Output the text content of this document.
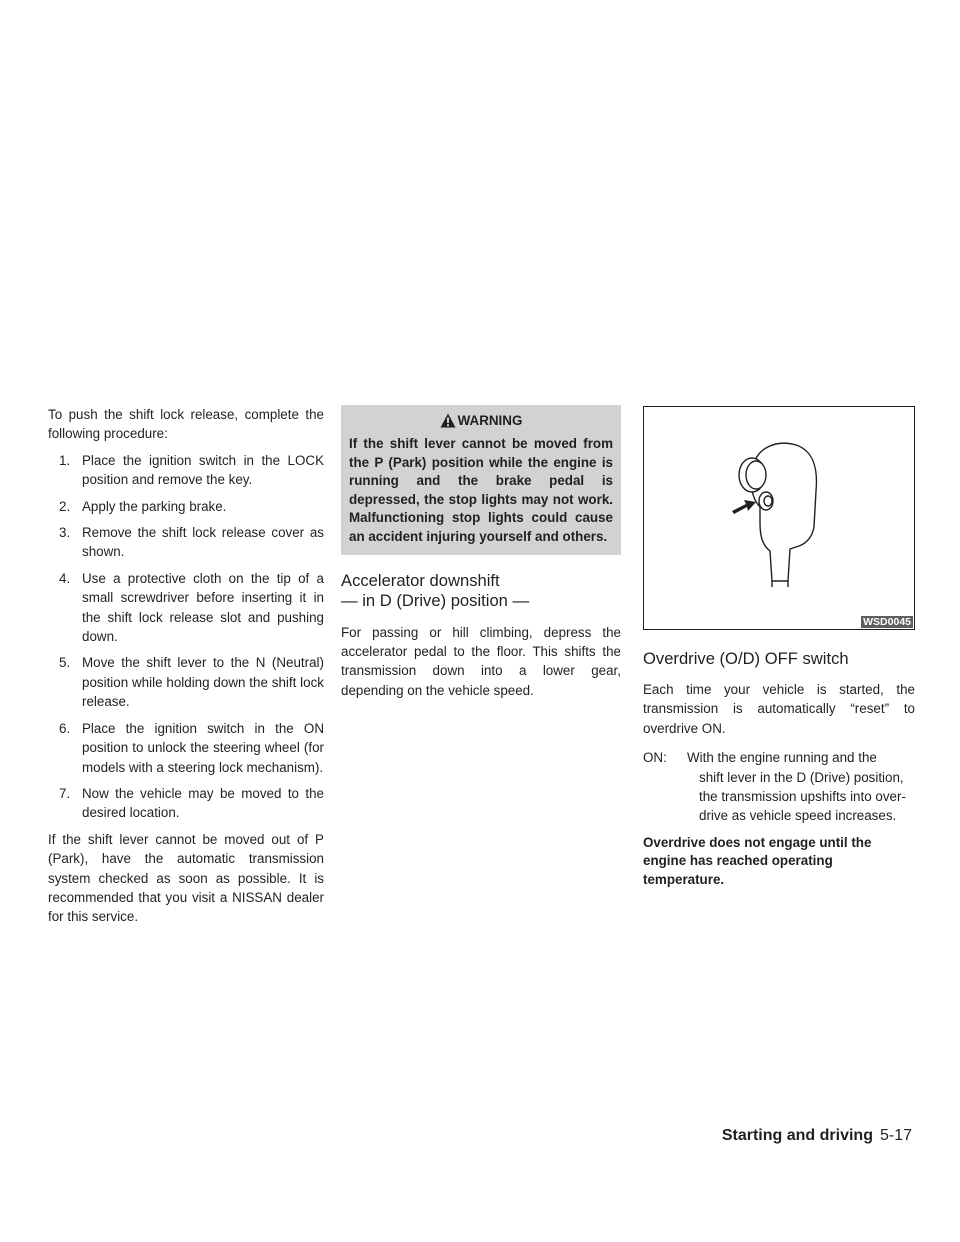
To push the shift lock release, complete the following procedure:

1. Place the ignition switch in the LOCK position and remove the key.
2. Apply the parking brake.
3. Remove the shift lock release cover as shown.
4. Use a protective cloth on the tip of a small screwdriver before inserting it in the shift lock release slot and pushing down.
5. Move the shift lever to the N (Neutral) position while holding down the shift lock release.
6. Place the ignition switch in the ON position to unlock the steering wheel (for models with a steering lock mechanism).
7. Now the vehicle may be moved to the desired location.

If the shift lever cannot be moved out of P (Park), have the automatic transmission system checked as soon as possible. It is recommended that you visit a NISSAN dealer for this service.

WARNING
If the shift lever cannot be moved from the P (Park) position while the engine is running and the brake pedal is depressed, the stop lights may not work. Malfunctioning stop lights could cause an accident injuring yourself and others.
Accelerator downshift
— in D (Drive) position —

For passing or hill climbing, depress the accelerator pedal to the floor. This shifts the transmission down into a lower gear, depending on the vehicle speed.

WSD0045
Overdrive (O/D) OFF switch

Each time your vehicle is started, the transmission is automatically “reset” to overdrive ON.

ON: With the engine running and the
shift lever in the D (Drive) position,
the transmission upshifts into over-
drive as vehicle speed increases.

Overdrive does not engage until the engine has reached operating temperature.

Starting and driving 5-17
